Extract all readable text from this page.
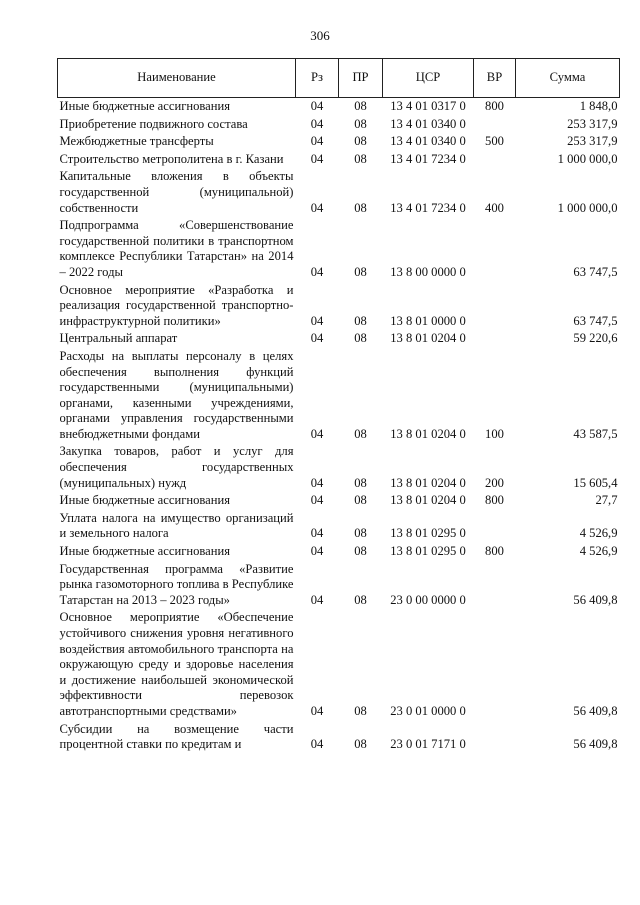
306
Наименование	Рз	ПР	ЦСР	ВР	Сумма
Иные бюджетные ассигнования	04	08	13 4 01 0317 0	800	1 848,0
Приобретение подвижного состава	04	08	13 4 01 0340 0		253 317,9
Межбюджетные трансферты	04	08	13 4 01 0340 0	500	253 317,9
Строительство метрополитена в г. Казани	04	08	13 4 01 7234 0		1 000 000,0
Капитальные вложения в объекты государственной (муниципальной) собственности	04	08	13 4 01 7234 0	400	1 000 000,0
Подпрограмма «Совершенствование государственной политики в транспортном комплексе Республики Татарстан» на 2014 – 2022 годы	04	08	13 8 00 0000 0		63 747,5
Основное мероприятие «Разработка и реализация государственной транспортно-инфраструктурной политики»	04	08	13 8 01 0000 0		63 747,5
Центральный аппарат	04	08	13 8 01 0204 0		59 220,6
Расходы на выплаты персоналу в целях обеспечения выполнения функций государственными (муниципальными) органами, казенными учреждениями, органами управления государственными внебюджетными фондами	04	08	13 8 01 0204 0	100	43 587,5
Закупка товаров, работ и услуг для обеспечения государственных (муниципальных) нужд	04	08	13 8 01 0204 0	200	15 605,4
Иные бюджетные ассигнования	04	08	13 8 01 0204 0	800	27,7
Уплата налога на имущество организаций и земельного налога	04	08	13 8 01 0295 0		4 526,9
Иные бюджетные ассигнования	04	08	13 8 01 0295 0	800	4 526,9
Государственная программа «Развитие рынка газомоторного топлива в Республике Татарстан на 2013 – 2023 годы»	04	08	23 0 00 0000 0		56 409,8
Основное мероприятие «Обеспечение устойчивого снижения уровня негативного воздействия автомобильного транспорта на окружающую среду и здоровье населения и достижение наибольшей экономической эффективности перевозок автотранспортными средствами»	04	08	23 0 01 0000 0		56 409,8
Субсидии на возмещение части процентной ставки по кредитам и	04	08	23 0 01 7171 0		56 409,8
